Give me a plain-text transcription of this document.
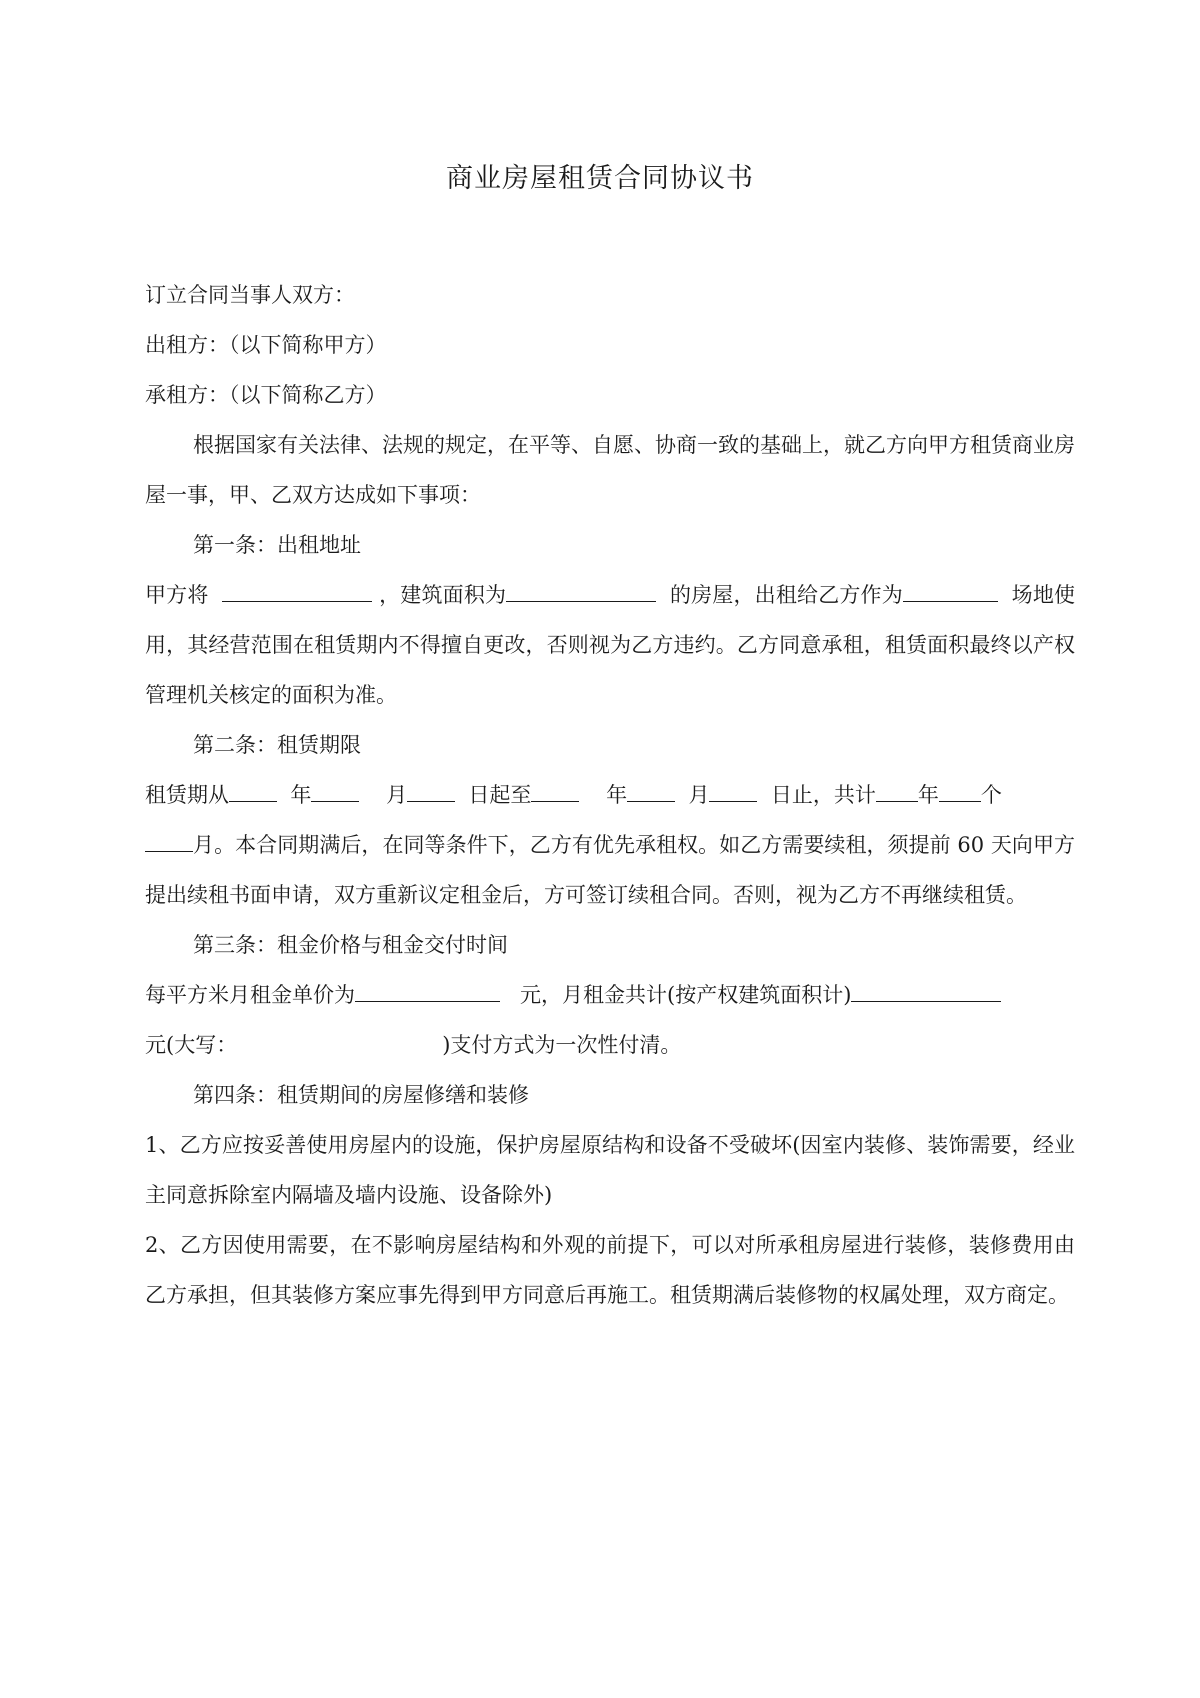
商业房屋租赁合同协议书

订立合同当事人双方：

出租方：（以下简称甲方）

承租方：（以下简称乙方）

根据国家有关法律、法规的规定，在平等、自愿、协商一致的基础上，就乙方向甲方租赁商业房屋一事，甲、乙双方达成如下事项：

第一条：出租地址

甲方将	，建筑面积为	的房屋，出租给乙方作为	场地使用，其经营范围在租赁期内不得擅自更改，否则视为乙方违约。乙方同意承租，租赁面积最终以产权管理机关核定的面积为准。

第二条：租赁期限

租赁期从	年	月	日起至	年	月	日止，共计 年 个
月。本合同期满后，在同等条件下，乙方有优先承租权。如乙方需要续租，须提前 60 天向甲方提出续租书面申请，双方重新议定租金后，方可签订续租合同。否则，视为乙方不再继续租赁。

第三条：租金价格与租金交付时间

每平方米月租金单价为	元，月租金共计(按产权建筑面积计)
元(大写：	)支付方式为一次性付清。

第四条：租赁期间的房屋修缮和装修

1、乙方应按妥善使用房屋内的设施，保护房屋原结构和设备不受破坏(因室内装修、装饰需要，经业主同意拆除室内隔墙及墙内设施、设备除外)

2、乙方因使用需要，在不影响房屋结构和外观的前提下，可以对所承租房屋进行装修，装修费用由乙方承担，但其装修方案应事先得到甲方同意后再施工。租赁期满后装修物的权属处理，双方商定。
